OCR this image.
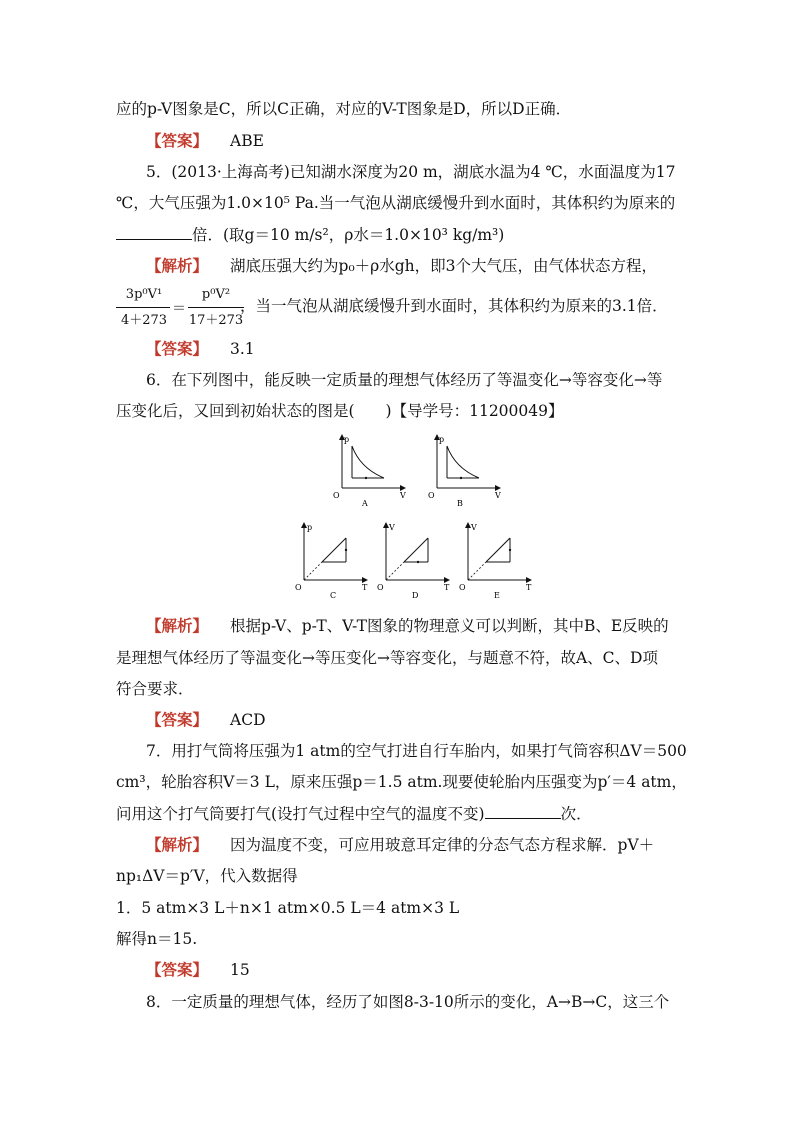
应的p-V图象是C，所以C正确，对应的V-T图象是D，所以D正确．
【答案】 ABE
5．(2013·上海高考)已知湖水深度为20 m，湖底水温为4 ℃，水面温度为17
℃，大气压强为1.0×10⁵ Pa.当一气泡从湖底缓慢升到水面时，其体积约为原来的
倍．(取g＝10 m/s²，ρ水＝1.0×10³ kg/m³)
【解析】 湖底压强大约为p₀＋ρ水gh，即3个大气压，由气体状态方程，
3p⁰V¹
4＋273
＝
p⁰V²
17＋273
，当一气泡从湖底缓慢升到水面时，其体积约为原来的3.1倍．
【答案】 3.1
6．在下列图中，能反映一定质量的理想气体经历了等温变化→等容变化→等
压变化后，又回到初始状态的图是(　　)【导学号：11200049】
p
V
O
A
p
V
O
B
p
T
O
C
V
T
O
D
V
T
O
E
【解析】 根据p-V、p-T、V-T图象的物理意义可以判断，其中B、E反映的
是理想气体经历了等温变化→等压变化→等容变化，与题意不符，故A、C、D项
符合要求．
【答案】 ACD
7．用打气筒将压强为1 atm的空气打进自行车胎内，如果打气筒容积ΔV＝500
cm³，轮胎容积V＝3 L，原来压强p＝1.5 atm.现要使轮胎内压强变为p′＝4 atm，
问用这个打气筒要打气(设打气过程中空气的温度不变)	次．
【解析】 因为温度不变，可应用玻意耳定律的分态气态方程求解．pV＋
np₁ΔV＝p′V，代入数据得
1．5 atm×3 L＋n×1 atm×0.5 L＝4 atm×3 L
解得n＝15.
【答案】 15
8．一定质量的理想气体，经历了如图8-3-10所示的变化，A→B→C，这三个
